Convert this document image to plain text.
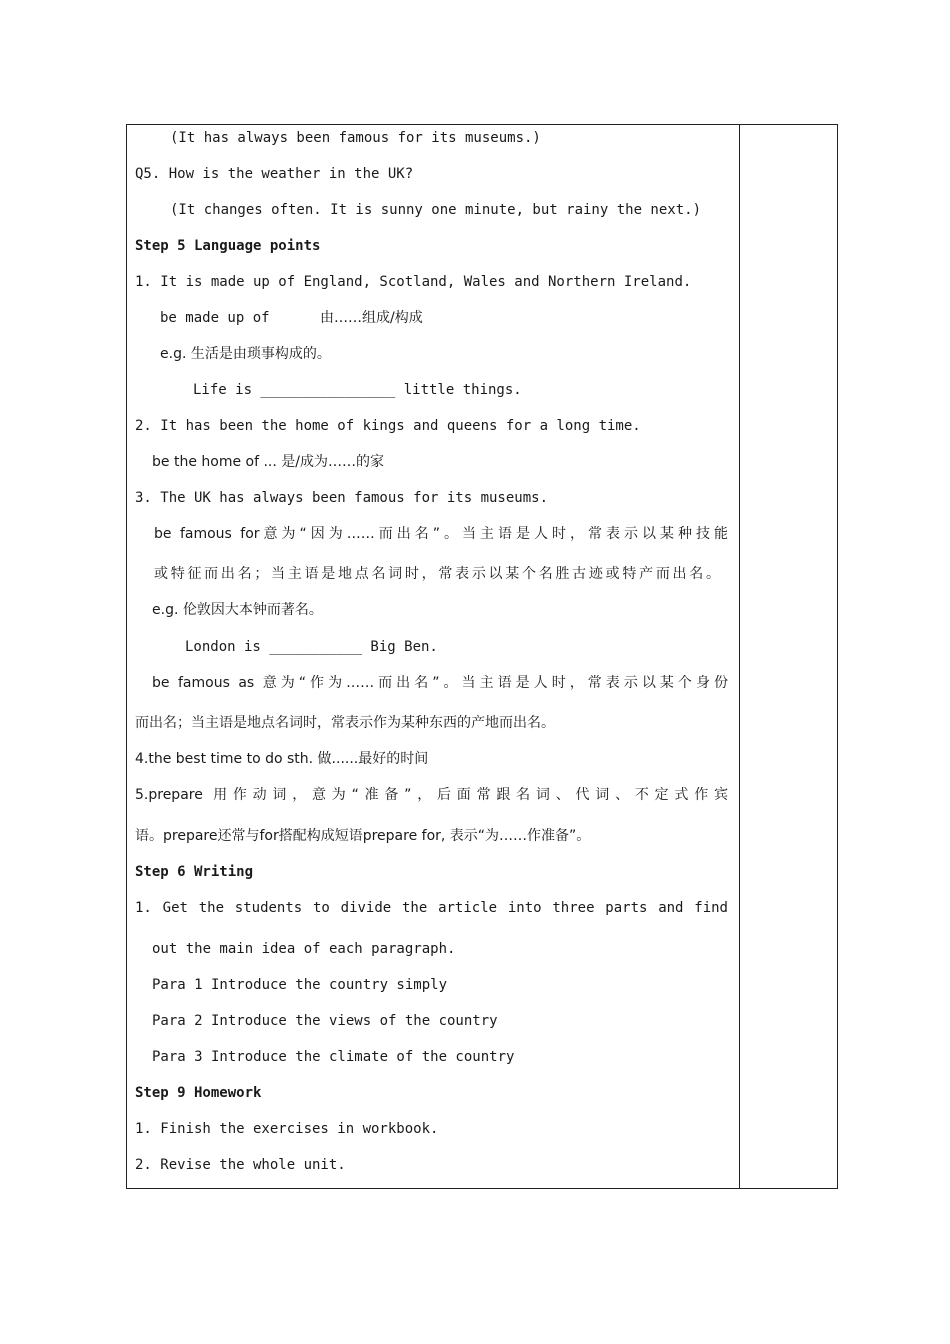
(It has always been famous for its museums.)
Q5. How is the weather in the UK?
(It changes often. It is sunny one minute, but rainy the next.)
Step 5 Language points
1. It is made up of England, Scotland, Wales and Northern Ireland.
be made up of	由……组成/构成
e.g. 生活是由琐事构成的。
Life is ________________ little things.
2. It has been the home of kings and queens for a long time.
be the home of ... 是/成为……的家
3. The UK has always been famous for its museums.
be famous for意为“因为……而出名”。当主语是人时，常表示以某种技能
或特征而出名；当主语是地点名词时，常表示以某个名胜古迹或特产而出名。
e.g. 伦敦因大本钟而著名。
London is ___________ Big Ben.
be famous as 意为“作为……而出名”。当主语是人时，常表示以某个身份
而出名；当主语是地点名词时，常表示作为某种东西的产地而出名。
4.the best time to do sth. 做......最好的时间
5.prepare 用作动词，意为“准备”，后面常跟名词、代词、不定式作宾
语。prepare还常与for搭配构成短语prepare for, 表示“为……作准备”。
Step 6 Writing
1. Get the students to divide the article into three parts and find
out the main idea of each paragraph.
Para 1 Introduce the country simply
Para 2 Introduce the views of the country
Para 3 Introduce the climate of the country
Step 9 Homework
1. Finish the exercises in workbook.
2. Revise the whole unit.
